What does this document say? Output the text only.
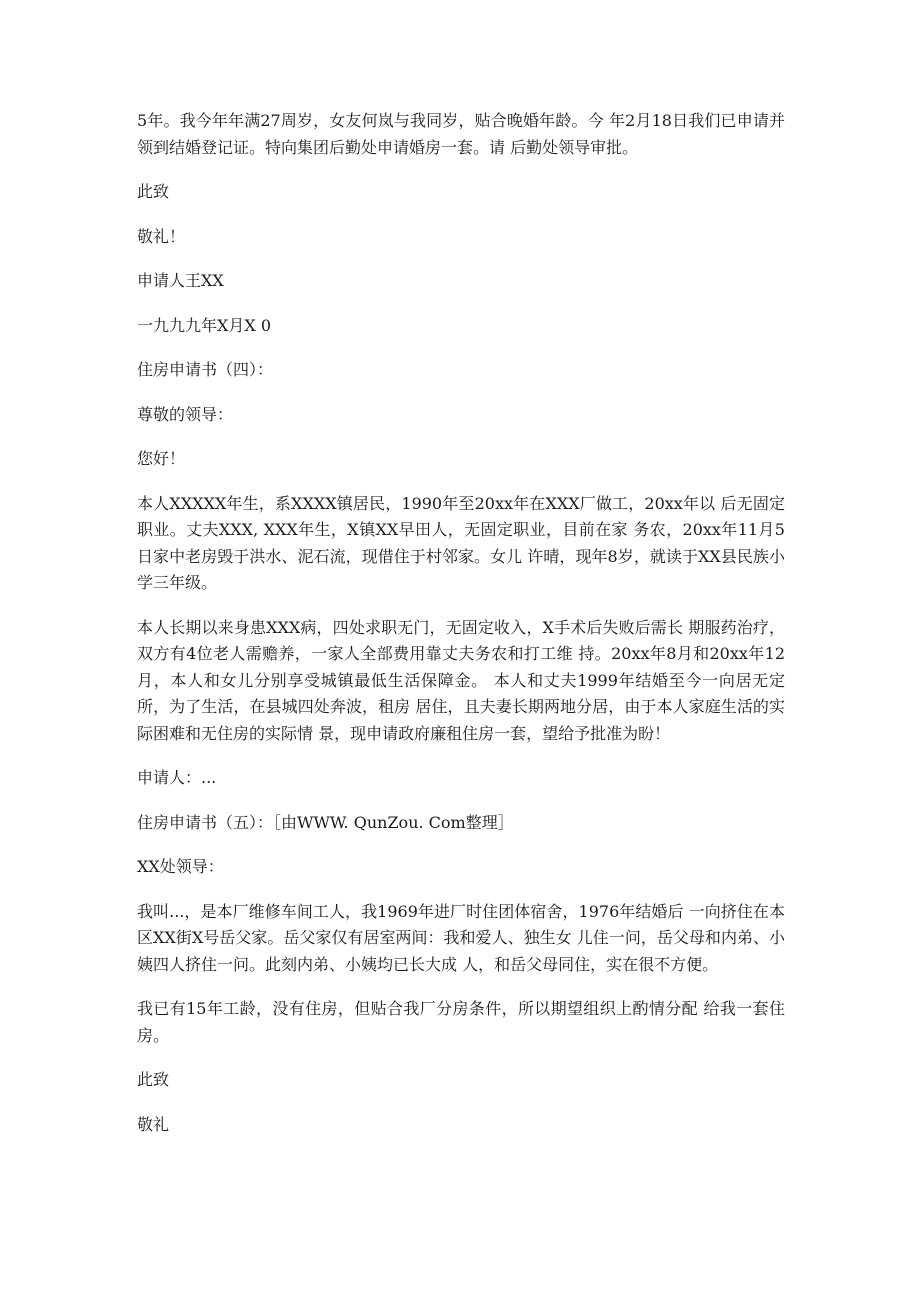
5年。我今年年满27周岁，女友何岚与我同岁，贴合晚婚年龄。今 年2月18日我们已申请并领到结婚登记证。特向集团后勤处申请婚房一套。请 后勤处领导审批。

此致

敬礼！

申请人王XX

一九九九年X月X 0

住房申请书（四）：

尊敬的领导：

您好！

本人XXXXX年生，系XXXX镇居民，1990年至20xx年在XXX厂做工，20xx年以 后无固定职业。丈夫XXX, XXX年生，X镇XX早田人，无固定职业，目前在家 务农，20xx年11月5日家中老房毁于洪水、泥石流，现借住于村邻家。女儿 许晴，现年8岁，就读于XX县民族小学三年级。

本人长期以来身患XXX病，四处求职无门，无固定收入，X手术后失败后需长 期服药治疗，双方有4位老人需赡养，一家人全部费用靠丈夫务农和打工维 持。20xx年8月和20xx年12月，本人和女儿分别享受城镇最低生活保障金。 本人和丈夫1999年结婚至今一向居无定所，为了生活，在县城四处奔波，租房 居住，且夫妻长期两地分居，由于本人家庭生活的实际困难和无住房的实际情 景，现申请政府廉租住房一套，望给予批准为盼！

申请人：...

住房申请书（五）：［由WWW. QunZou. Com整理］

XX处领导：

我叫...，是本厂维修车间工人，我1969年进厂时住团体宿舍，1976年结婚后 一向挤住在本区XX街X号岳父家。岳父家仅有居室两间：我和爱人、独生女 儿住一问，岳父母和内弟、小姨四人挤住一问。此刻内弟、小姨均已长大成 人，和岳父母同住，实在很不方便。

我已有15年工龄，没有住房，但贴合我厂分房条件，所以期望组织上酌情分配 给我一套住房。

此致

敬礼
